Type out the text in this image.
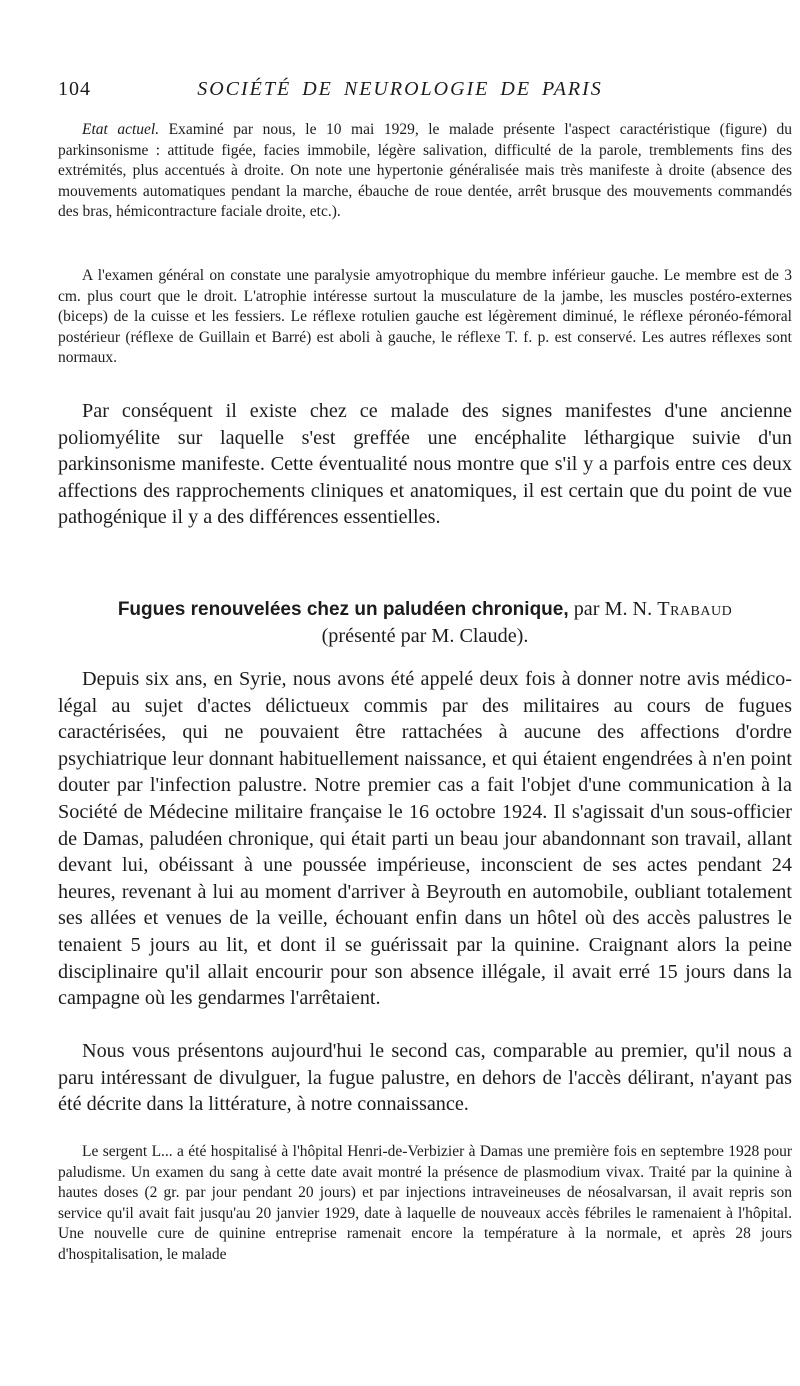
104	SOCIÉTÉ DE NEUROLOGIE DE PARIS

Etat actuel. Examiné par nous, le 10 mai 1929, le malade présente l'aspect caractéristique (figure) du parkinsonisme : attitude figée, facies immobile, légère salivation, difficulté de la parole, tremblements fins des extrémités, plus accentués à droite. On note une hypertonie généralisée mais très manifeste à droite (absence des mouvements automatiques pendant la marche, ébauche de roue dentée, arrêt brusque des mouvements commandés des bras, hémicontracture faciale droite, etc.).

A l'examen général on constate une paralysie amyotrophique du membre inférieur gauche. Le membre est de 3 cm. plus court que le droit. L'atrophie intéresse surtout la musculature de la jambe, les muscles postéro-externes (biceps) de la cuisse et les fessiers. Le réflexe rotulien gauche est légèrement diminué, le réflexe péronéo-fémoral postérieur (réflexe de Guillain et Barré) est aboli à gauche, le réflexe T. f. p. est conservé. Les autres réflexes sont normaux.

Par conséquent il existe chez ce malade des signes manifestes d'une ancienne poliomyélite sur laquelle s'est greffée une encéphalite léthargique suivie d'un parkinsonisme manifeste. Cette éventualité nous montre que s'il y a parfois entre ces deux affections des rapprochements cliniques et anatomiques, il est certain que du point de vue pathogénique il y a des différences essentielles.

Fugues renouvelées chez un paludéen chronique, par M. N. Trabaud
(présenté par M. Claude).

Depuis six ans, en Syrie, nous avons été appelé deux fois à donner notre avis médico-légal au sujet d'actes délictueux commis par des militaires au cours de fugues caractérisées, qui ne pouvaient être rattachées à aucune des affections d'ordre psychiatrique leur donnant habituellement naissance, et qui étaient engendrées à n'en point douter par l'infection palustre. Notre premier cas a fait l'objet d'une communication à la Société de Médecine militaire française le 16 octobre 1924. Il s'agissait d'un sous-officier de Damas, paludéen chronique, qui était parti un beau jour abandonnant son travail, allant devant lui, obéissant à une poussée impérieuse, inconscient de ses actes pendant 24 heures, revenant à lui au moment d'arriver à Beyrouth en automobile, oubliant totalement ses allées et venues de la veille, échouant enfin dans un hôtel où des accès palustres le tenaient 5 jours au lit, et dont il se guérissait par la quinine. Craignant alors la peine disciplinaire qu'il allait encourir pour son absence illégale, il avait erré 15 jours dans la campagne où les gendarmes l'arrêtaient.

Nous vous présentons aujourd'hui le second cas, comparable au premier, qu'il nous a paru intéressant de divulguer, la fugue palustre, en dehors de l'accès délirant, n'ayant pas été décrite dans la littérature, à notre connaissance.

Le sergent L... a été hospitalisé à l'hôpital Henri-de-Verbizier à Damas une première fois en septembre 1928 pour paludisme. Un examen du sang à cette date avait montré la présence de plasmodium vivax. Traité par la quinine à hautes doses (2 gr. par jour pendant 20 jours) et par injections intraveineuses de néosalvarsan, il avait repris son service qu'il avait fait jusqu'au 20 janvier 1929, date à laquelle de nouveaux accès fébriles le ramenaient à l'hôpital. Une nouvelle cure de quinine entreprise ramenait encore la température à la normale, et après 28 jours d'hospitalisation, le malade
